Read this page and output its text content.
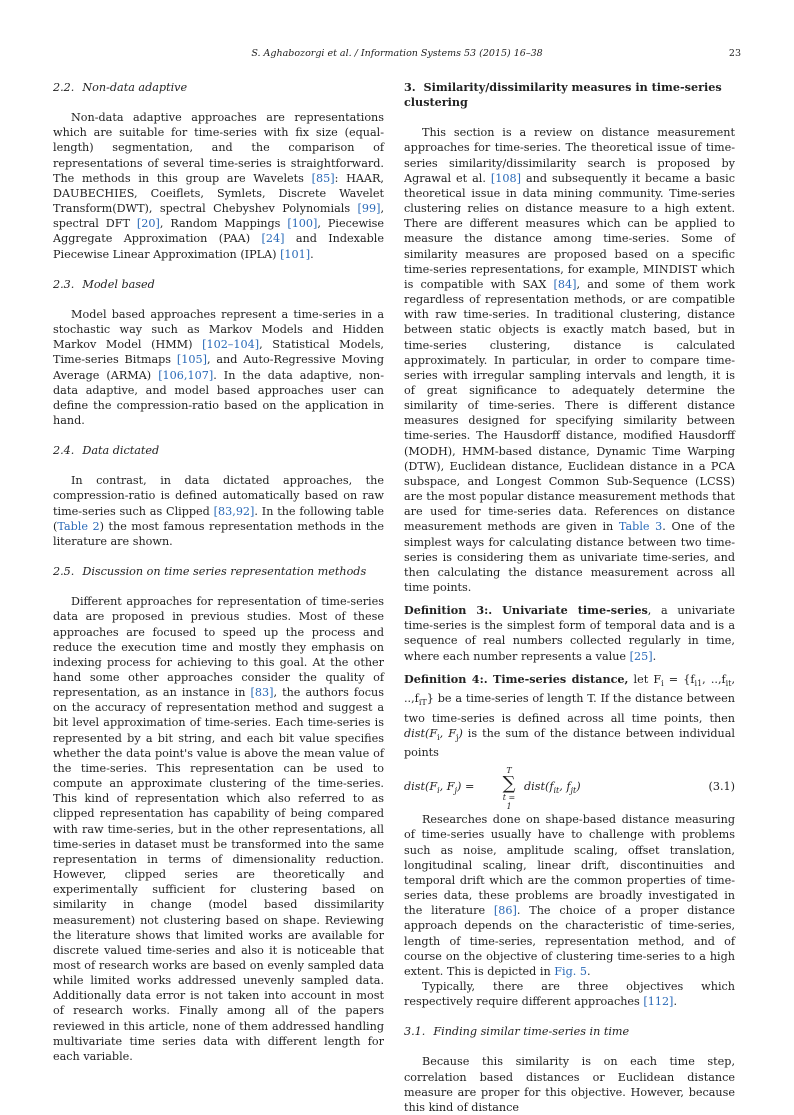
S. Aghabozorgi et al. / Information Systems 53 (2015) 16–38	23
2.2. Non-data adaptive

Non-data adaptive approaches are representations which are suitable for time-series with fix size (equal-length) segmentation, and the comparison of representations of several time-series is straightforward. The methods in this group are Wavelets [85]: HAAR, DAUBECHIES, Coeiflets, Symlets, Discrete Wavelet Transform(DWT), spectral Chebyshev Polynomials [99], spectral DFT [20], Random Mappings [100], Piecewise Aggregate Approximation (PAA) [24] and Indexable Piecewise Linear Approximation (IPLA) [101].

2.3. Model based

Model based approaches represent a time-series in a stochastic way such as Markov Models and Hidden Markov Model (HMM) [102–104], Statistical Models, Time-series Bitmaps [105], and Auto-Regressive Moving Average (ARMA) [106,107]. In the data adaptive, non-data adaptive, and model based approaches user can define the compression-ratio based on the application in hand.

2.4. Data dictated

In contrast, in data dictated approaches, the compression-ratio is defined automatically based on raw time-series such as Clipped [83,92]. In the following table (Table 2) the most famous representation methods in the literature are shown.

2.5. Discussion on time series representation methods

Different approaches for representation of time-series data are proposed in previous studies. Most of these approaches are focused to speed up the process and reduce the execution time and mostly they emphasis on indexing process for achieving to this goal. At the other hand some other approaches consider the quality of representation, as an instance in [83], the authors focus on the accuracy of representation method and suggest a bit level approximation of time-series. Each time-series is represented by a bit string, and each bit value specifies whether the data point's value is above the mean value of the time-series. This representation can be used to compute an approximate clustering of the time-series. This kind of representation which also referred to as clipped representation has capability of being compared with raw time-series, but in the other representations, all time-series in dataset must be transformed into the same representation in terms of dimensionality reduction. However, clipped series are theoretically and experimentally sufficient for clustering based on similarity in change (model based dissimilarity measurement) not clustering based on shape. Reviewing the literature shows that limited works are available for discrete valued time-series and also it is noticeable that most of research works are based on evenly sampled data while limited works addressed unevenly sampled data. Additionally data error is not taken into account in most of research works. Finally among all of the papers reviewed in this article, none of them addressed handling multivariate time series data with different length for each variable.

3. Similarity/dissimilarity measures in time-series clustering

This section is a review on distance measurement approaches for time-series. The theoretical issue of time-series similarity/dissimilarity search is proposed by Agrawal et al. [108] and subsequently it became a basic theoretical issue in data mining community. Time-series clustering relies on distance measure to a high extent. There are different measures which can be applied to measure the distance among time-series. Some of similarity measures are proposed based on a specific time-series representations, for example, MINDIST which is compatible with SAX [84], and some of them work regardless of representation methods, or are compatible with raw time-series. In traditional clustering, distance between static objects is exactly match based, but in time-series clustering, distance is calculated approximately. In particular, in order to compare time-series with irregular sampling intervals and length, it is of great significance to adequately determine the similarity of time-series. There is different distance measures designed for specifying similarity between time-series. The Hausdorff distance, modified Hausdorff (MODH), HMM-based distance, Dynamic Time Warping (DTW), Euclidean distance, Euclidean distance in a PCA subspace, and Longest Common Sub-Sequence (LCSS) are the most popular distance measurement methods that are used for time-series data. References on distance measurement methods are given in Table 3. One of the simplest ways for calculating distance between two time-series is considering them as univariate time-series, and then calculating the distance measurement across all time points.

Definition 3:. Univariate time-series, a univariate time-series is the simplest form of temporal data and is a sequence of real numbers collected regularly in time, where each number represents a value [25].

Definition 4:. Time-series distance, let $F_i = \{f_{i1}$, $..,f_{it}$, $..,f_{iT}$} be a time-series of length T. If the distance between two time-series is defined across all time points, then $dist(F_i$, $F_j$) is the sum of the distance between individual points

$dist(F_i$, $F_j$) =
T
∑
t = 1
$dist(f_{it}$, $f_{jt}$)	(3.1)

Researches done on shape-based distance measuring of time-series usually have to challenge with problems such as noise, amplitude scaling, offset translation, longitudinal scaling, linear drift, discontinuities and temporal drift which are the common properties of time-series data, these problems are broadly investigated in the literature [86]. The choice of a proper distance approach depends on the characteristic of time-series, length of time-series, representation method, and of course on the objective of clustering time-series to a high extent. This is depicted in Fig. 5.

Typically, there are three objectives which respectively require different approaches [112].

3.1. Finding similar time-series in time

Because this similarity is on each time step, correlation based distances or Euclidean distance measure are proper for this objective. However, because this kind of distance
